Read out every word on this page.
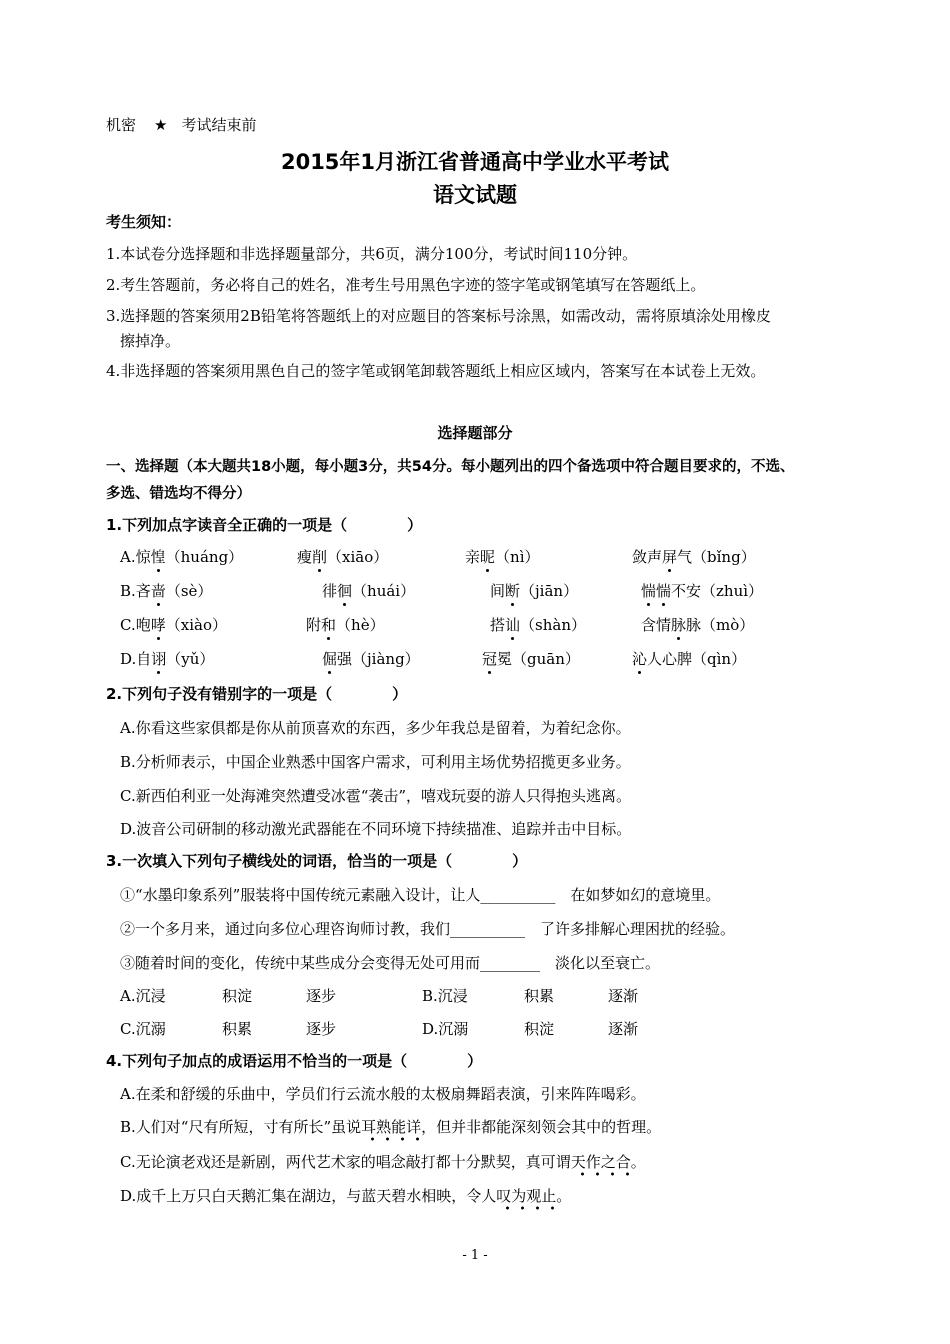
机密 ★ 考试结束前
2015年1月浙江省普通高中学业水平考试
语文试题
考生须知：
1.本试卷分选择题和非选择题量部分，共6页，满分100分，考试时间110分钟。
2.考生答题前，务必将自己的姓名，准考生号用黑色字迹的签字笔或钢笔填写在答题纸上。
3.选择题的答案须用2B铅笔将答题纸上的对应题目的答案标号涂黑，如需改动，需将原填涂处用橡皮
擦掉净。
4.非选择题的答案须用黑色自己的签字笔或钢笔卸载答题纸上相应区域内，答案写在本试卷上无效。
选择题部分
一、选择题（本大题共18小题，每小题3分，共54分。每小题列出的四个备选项中符合题目要求的，不选、
多选、错选均不得分）
1.下列加点字读音全正确的一项是（　　　　）
A.惊惶（huáng）	瘦削（xiāo）	亲昵（nì）	敛声屏气（bǐng）
B.吝啬（sè）	徘徊（huái）	间断（jiān）	惴惴不安（zhuì）
C.咆哮（xiào）	附和（hè）	搭讪（shàn）	含情脉脉（mò）
D.自诩（yǔ）	倔强（jiàng）	冠冕（guān）	沁人心脾（qìn）
2.下列句子没有错别字的一项是（　　　　）
A.你看这些家俱都是你从前顶喜欢的东西，多少年我总是留着，为着纪念你。
B.分析师表示，中国企业熟悉中国客户需求，可利用主场优势招揽更多业务。
C.新西伯利亚一处海滩突然遭受冰雹“袭击”，嘻戏玩耍的游人只得抱头逃离。
D.波音公司研制的移动激光武器能在不同环境下持续描准、追踪并击中目标。
3.一次填入下列句子横线处的词语，恰当的一项是（　　　　）
①“水墨印象系列”服装将中国传统元素融入设计，让人__________　在如梦如幻的意境里。
②一个多月来，通过向多位心理咨询师讨教，我们__________　了许多排解心理困扰的经验。
③随着时间的变化，传统中某些成分会变得无处可用而________　淡化以至衰亡。
A.沉浸	积淀	逐步	B.沉浸	积累	逐渐
C.沉溺	积累	逐步	D.沉溺	积淀	逐渐
4.下列句子加点的成语运用不恰当的一项是（　　　　）
A.在柔和舒缓的乐曲中，学员们行云流水般的太极扇舞蹈表演，引来阵阵喝彩。
B.人们对“尺有所短，寸有所长”虽说耳熟能详，但并非都能深刻领会其中的哲理。
C.无论演老戏还是新剧，两代艺术家的唱念敲打都十分默契，真可谓天作之合。
D.成千上万只白天鹅汇集在湖边，与蓝天碧水相映，令人叹为观止。
- 1 -
